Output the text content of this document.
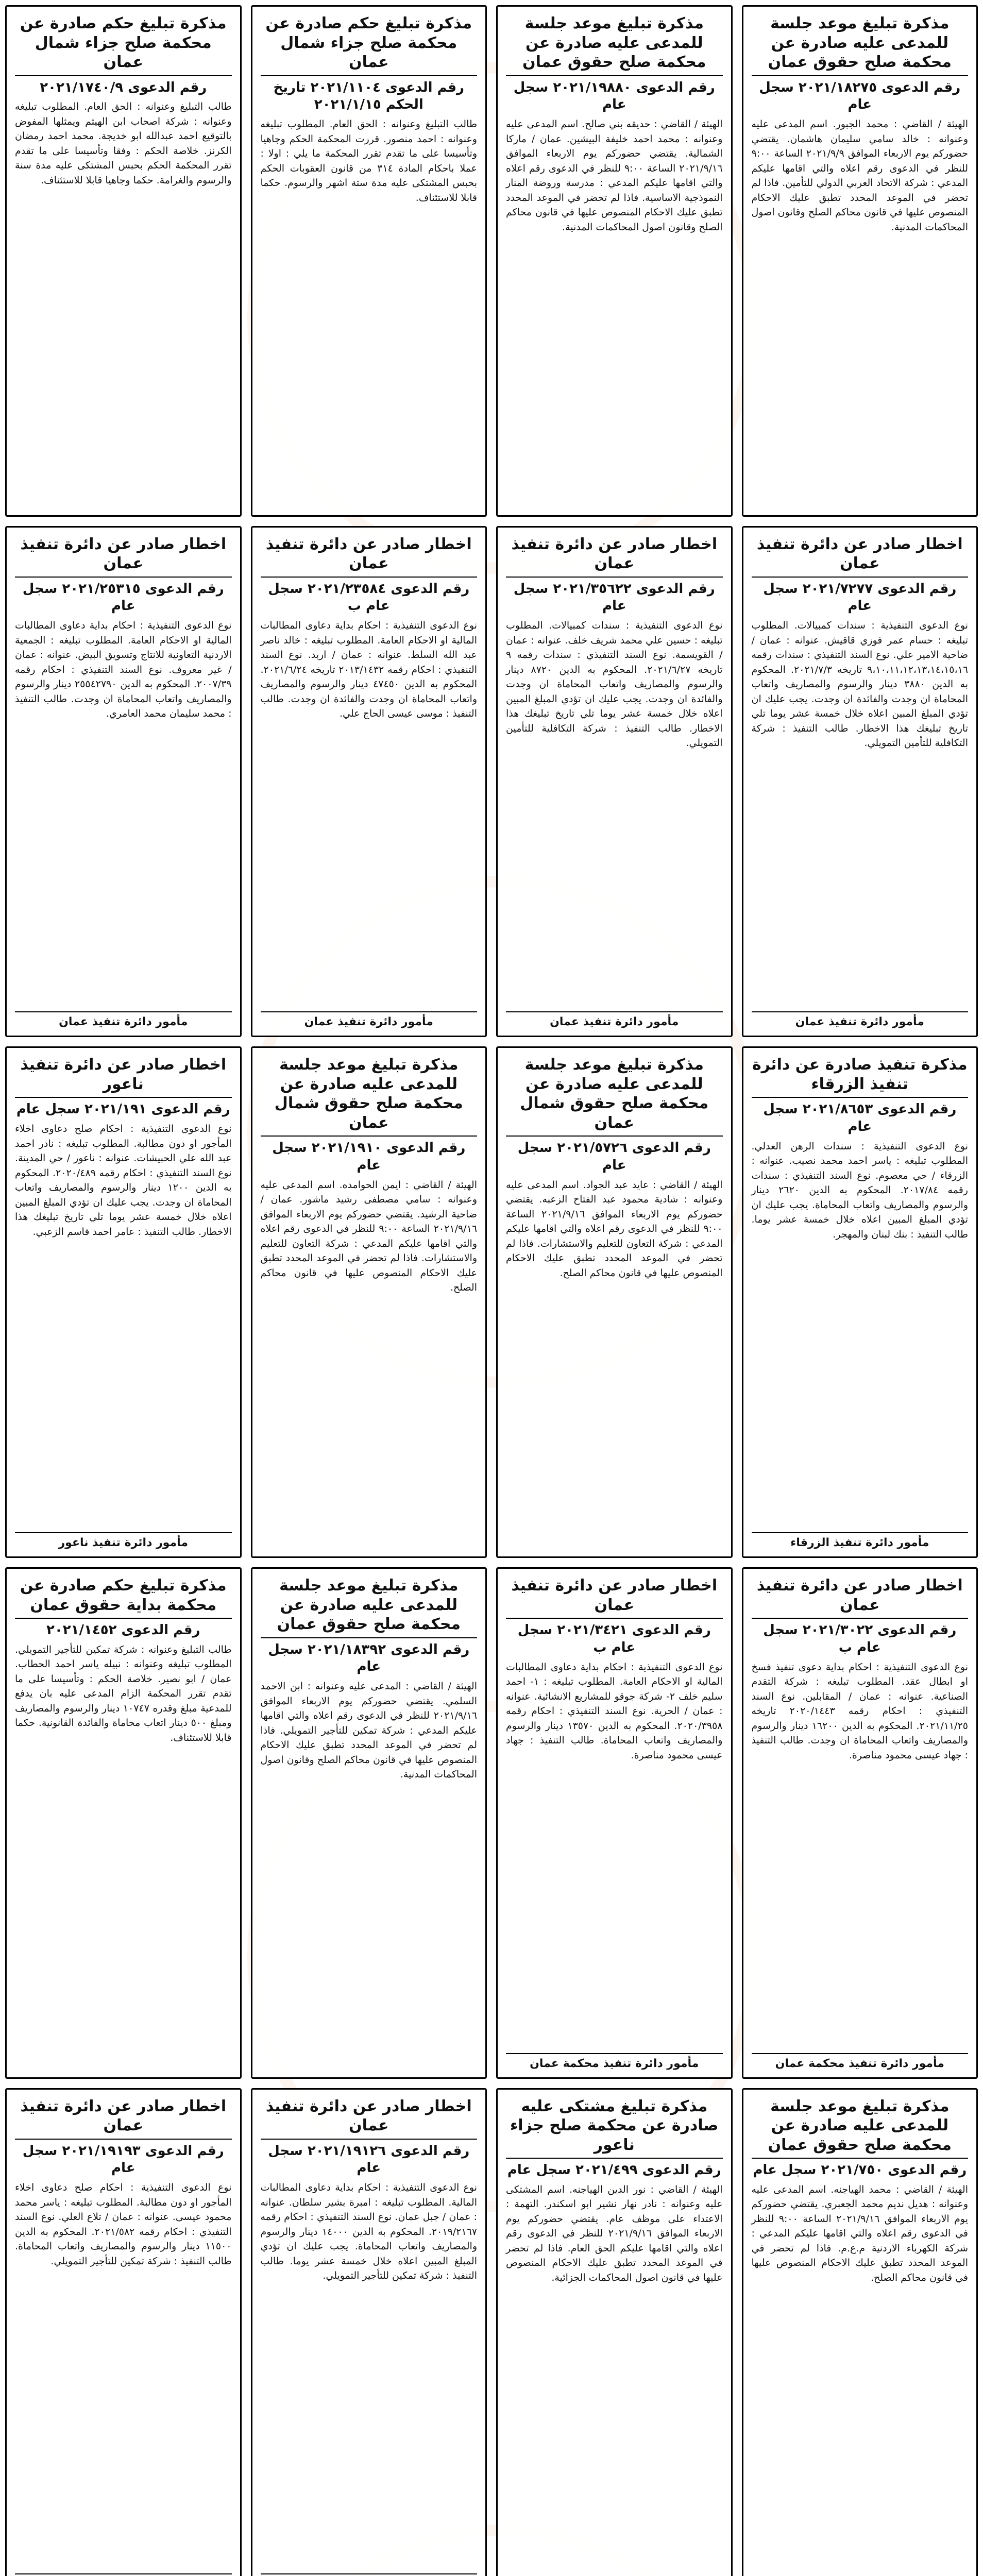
مذكرة تبليغ موعد جلسة للمدعى عليه صادرة عن محكمة صلح حقوق عمان
رقم الدعوى ٢٠٢١/١٨٢٧٥ سجل عام
الهيئة / القاضي : محمد الجبور. اسم المدعى عليه وعنوانه : خالد سامي سليمان هاشمان. يقتضي حضوركم يوم الاربعاء الموافق ٢٠٢١/٩/٩ الساعة ٩:٠٠ للنظر في الدعوى رقم اعلاه والتي اقامها عليكم المدعي : شركة الاتحاد العربي الدولي للتأمين. فاذا لم تحضر في الموعد المحدد تطبق عليك الاحكام المنصوص عليها في قانون محاكم الصلح وقانون اصول المحاكمات المدنية.
مذكرة تبليغ موعد جلسة للمدعى عليه صادرة عن محكمة صلح حقوق عمان
رقم الدعوى ٢٠٢١/١٩٨٨٠ سجل عام
الهيئة / القاضي : حديقه بني صالح. اسم المدعى عليه وعنوانه : محمد احمد خليفة البيشين. عمان / ماركا الشمالية. يقتضي حضوركم يوم الاربعاء الموافق ٢٠٢١/٩/١٦ الساعة ٩:٠٠ للنظر في الدعوى رقم اعلاه والتي اقامها عليكم المدعي : مدرسة وروضة المنار النموذجية الاساسية. فاذا لم تحضر في الموعد المحدد تطبق عليك الاحكام المنصوص عليها في قانون محاكم الصلح وقانون اصول المحاكمات المدنية.
مذكرة تبليغ حكم صادرة عن محكمة صلح جزاء شمال عمان
رقم الدعوى ٢٠٢١/١١٠٤ تاريخ الحكم ٢٠٢١/١/١٥
طالب التبليغ وعنوانه : الحق العام. المطلوب تبليغه وعنوانه : احمد منصور. قررت المحكمة الحكم وجاهيا وتأسيسا على ما تقدم تقرر المحكمة ما يلي : اولا : عملا باحكام المادة ٣١٤ من قانون العقوبات الحكم بحبس المشتكى عليه مدة ستة اشهر والرسوم. حكما قابلا للاستئناف.
مذكرة تبليغ حكم صادرة عن محكمة صلح جزاء شمال عمان
رقم الدعوى ٢٠٢١/١٧٤٠/٩
طالب التبليغ وعنوانه : الحق العام. المطلوب تبليغه وعنوانه : شركة اصحاب ابن الهيثم ويمثلها المفوض بالتوقيع احمد عبدالله ابو خديجة. محمد احمد رمضان الكرنز. خلاصة الحكم : وفقا وتأسيسا على ما تقدم تقرر المحكمة الحكم بحبس المشتكى عليه مدة سنة والرسوم والغرامة. حكما وجاهيا قابلا للاستئناف.
اخطار صادر عن دائرة تنفيذ عمان
رقم الدعوى ٢٠٢١/٧٢٧٧ سجل عام
نوع الدعوى التنفيذية : سندات كمبيالات. المطلوب تبليغه : حسام عمر فوزي قاقيش. عنوانه : عمان / ضاحية الامير علي. نوع السند التنفيذي : سندات رقمه ٩،١٠،١١،١٢،١٣،١٤،١٥،١٦ تاريخه ٢٠٢١/٧/٣. المحكوم به الدين ٣٨٨٠ دينار والرسوم والمصاريف واتعاب المحاماة ان وجدت والفائدة ان وجدت. يجب عليك ان تؤدي المبلغ المبين اعلاه خلال خمسة عشر يوما تلي تاريخ تبليغك هذا الاخطار. طالب التنفيذ : شركة التكافلية للتأمين التمويلي.
مأمور دائرة تنفيذ عمان
اخطار صادر عن دائرة تنفيذ عمان
رقم الدعوى ٢٠٢١/٣٥٦٢٢ سجل عام
نوع الدعوى التنفيذية : سندات كمبيالات. المطلوب تبليغه : حسين علي محمد شريف خلف. عنوانه : عمان / القويسمة. نوع السند التنفيذي : سندات رقمه ٩ تاريخه ٢٠٢١/٦/٢٧. المحكوم به الدين ٨٧٢٠ دينار والرسوم والمصاريف واتعاب المحاماة ان وجدت والفائدة ان وجدت. يجب عليك ان تؤدي المبلغ المبين اعلاه خلال خمسة عشر يوما تلي تاريخ تبليغك هذا الاخطار. طالب التنفيذ : شركة التكافلية للتأمين التمويلي.
مأمور دائرة تنفيذ عمان
اخطار صادر عن دائرة تنفيذ عمان
رقم الدعوى ٢٠٢١/٢٣٥٨٤ سجل عام ب
نوع الدعوى التنفيذية : احكام بداية دعاوى المطالبات المالية او الاحكام العامة. المطلوب تبليغه : خالد ناصر عبد الله السلط. عنوانه : عمان / اربد. نوع السند التنفيذي : احكام رقمه ٢٠١٣/١٤٣٢ تاريخه ٢٠٢١/٦/٢٤. المحكوم به الدين ٤٧٤٥٠ دينار والرسوم والمصاريف واتعاب المحاماة ان وجدت والفائدة ان وجدت. طالب التنفيذ : موسى عيسى الحاج علي.
مأمور دائرة تنفيذ عمان
اخطار صادر عن دائرة تنفيذ عمان
رقم الدعوى ٢٠٢١/٢٥٣١٥ سجل عام
نوع الدعوى التنفيذية : احكام بداية دعاوى المطالبات المالية او الاحكام العامة. المطلوب تبليغه : الجمعية الاردنية التعاونية للانتاج وتسويق البيض. عنوانه : عمان / غير معروف. نوع السند التنفيذي : احكام رقمه ٢٠٠٧/٣٩. المحكوم به الدين ٢٥٥٤٢٧٩٠ دينار والرسوم والمصاريف واتعاب المحاماة ان وجدت. طالب التنفيذ : محمد سليمان محمد العامري.
مأمور دائرة تنفيذ عمان
مذكرة تنفيذ صادرة عن دائرة تنفيذ الزرقاء
رقم الدعوى ٢٠٢١/٨٦٥٣ سجل عام
نوع الدعوى التنفيذية : سندات الرهن العدلي. المطلوب تبليغه : ياسر احمد محمد نصيب. عنوانه : الزرقاء / حي معصوم. نوع السند التنفيذي : سندات رقمه ٢٠١٧/٨٤. المحكوم به الدين ٢٦٢٠ دينار والرسوم والمصاريف واتعاب المحاماة. يجب عليك ان تؤدي المبلغ المبين اعلاه خلال خمسة عشر يوما. طالب التنفيذ : بنك لبنان والمهجر.
مأمور دائرة تنفيذ الزرقاء
مذكرة تبليغ موعد جلسة للمدعى عليه صادرة عن محكمة صلح حقوق شمال عمان
رقم الدعوى ٢٠٢١/٥٧٢٦ سجل عام
الهيئة / القاضي : عايد عبد الجواد. اسم المدعى عليه وعنوانه : شادية محمود عبد الفتاح الزعبه. يقتضي حضوركم يوم الاربعاء الموافق ٢٠٢١/٩/١٦ الساعة ٩:٠٠ للنظر في الدعوى رقم اعلاه والتي اقامها عليكم المدعي : شركة التعاون للتعليم والاستشارات. فاذا لم تحضر في الموعد المحدد تطبق عليك الاحكام المنصوص عليها في قانون محاكم الصلح.
مذكرة تبليغ موعد جلسة للمدعى عليه صادرة عن محكمة صلح حقوق شمال عمان
رقم الدعوى ٢٠٢١/١٩١٠ سجل عام
الهيئة / القاضي : ايمن الحوامده. اسم المدعى عليه وعنوانه : سامي مصطفى رشيد ماشور. عمان / ضاحية الرشيد. يقتضي حضوركم يوم الاربعاء الموافق ٢٠٢١/٩/١٦ الساعة ٩:٠٠ للنظر في الدعوى رقم اعلاه والتي اقامها عليكم المدعي : شركة التعاون للتعليم والاستشارات. فاذا لم تحضر في الموعد المحدد تطبق عليك الاحكام المنصوص عليها في قانون محاكم الصلح.
اخطار صادر عن دائرة تنفيذ ناعور
رقم الدعوى ٢٠٢١/١٩١ سجل عام
نوع الدعوى التنفيذية : احكام صلح دعاوى اخلاء المأجور او دون مطالبة. المطلوب تبليغه : نادر احمد عبد الله علي الحبيشات. عنوانه : ناعور / حي المدينة. نوع السند التنفيذي : احكام رقمه ٢٠٢٠/٤٨٩. المحكوم به الدين ١٢٠٠ دينار والرسوم والمصاريف واتعاب المحاماة ان وجدت. يجب عليك ان تؤدي المبلغ المبين اعلاه خلال خمسة عشر يوما تلي تاريخ تبليغك هذا الاخطار. طالب التنفيذ : عامر احمد قاسم الزعبي.
مأمور دائرة تنفيذ ناعور
اخطار صادر عن دائرة تنفيذ عمان
رقم الدعوى ٢٠٢١/٣٠٢٢ سجل عام ب
نوع الدعوى التنفيذية : احكام بداية دعوى تنفيذ فسخ او ابطال عقد. المطلوب تبليغه : شركة التقدم الصناعية. عنوانه : عمان / المقابلين. نوع السند التنفيذي : احكام رقمه ٢٠٢٠/١٤٤٣ تاريخه ٢٠٢١/١١/٢٥. المحكوم به الدين ١٦٢٠٠ دينار والرسوم والمصاريف واتعاب المحاماة ان وجدت. طالب التنفيذ : جهاد عيسى محمود مناصرة.
مأمور دائرة تنفيذ محكمة عمان
اخطار صادر عن دائرة تنفيذ عمان
رقم الدعوى ٢٠٢١/٣٤٢١ سجل عام ب
نوع الدعوى التنفيذية : احكام بداية دعاوى المطالبات المالية او الاحكام العامة. المطلوب تبليغه : ١- احمد سليم خلف ٢- شركة جوقو للمشاريع الانشائية. عنوانه : عمان / الحرية. نوع السند التنفيذي : احكام رقمه ٢٠٢٠/٣٩٥٨. المحكوم به الدين ١٣٥٧٠ دينار والرسوم والمصاريف واتعاب المحاماة. طالب التنفيذ : جهاد عيسى محمود مناصرة.
مأمور دائرة تنفيذ محكمة عمان
مذكرة تبليغ موعد جلسة للمدعى عليه صادرة عن محكمة صلح حقوق عمان
رقم الدعوى ٢٠٢١/١٨٣٩٢ سجل عام
الهيئة / القاضي : المدعى عليه وعنوانه : ابن الاحمد السلمي. يقتضي حضوركم يوم الاربعاء الموافق ٢٠٢١/٩/١٦ للنظر في الدعوى رقم اعلاه والتي اقامها عليكم المدعي : شركة تمكين للتأجير التمويلي. فاذا لم تحضر في الموعد المحدد تطبق عليك الاحكام المنصوص عليها في قانون محاكم الصلح وقانون اصول المحاكمات المدنية.
مذكرة تبليغ حكم صادرة عن محكمة بداية حقوق عمان
رقم الدعوى ٢٠٢١/١٤٥٢
طالب التبليغ وعنوانه : شركة تمكين للتأجير التمويلي. المطلوب تبليغه وعنوانه : نبيله ياسر احمد الحطاب. عمان / ابو نصير. خلاصة الحكم : وتأسيسا على ما تقدم تقرر المحكمة الزام المدعى عليه بان يدفع للمدعية مبلغ وقدره ١٠٧٤٧ دينار والرسوم والمصاريف ومبلغ ٥٠٠ دينار اتعاب محاماة والفائدة القانونية. حكما قابلا للاستئناف.
مذكرة تبليغ موعد جلسة للمدعى عليه صادرة عن محكمة صلح حقوق عمان
رقم الدعوى ٢٠٢١/٧٥٠ سجل عام
الهيئة / القاضي : محمد الهياجنه. اسم المدعى عليه وعنوانه : هديل نديم محمد الجعبري. يقتضي حضوركم يوم الاربعاء الموافق ٢٠٢١/٩/١٦ الساعة ٩:٠٠ للنظر في الدعوى رقم اعلاه والتي اقامها عليكم المدعي : شركة الكهرباء الاردنية م.ع.م. فاذا لم تحضر في الموعد المحدد تطبق عليك الاحكام المنصوص عليها في قانون محاكم الصلح.
مذكرة تبليغ مشتكى عليه صادرة عن محكمة صلح جزاء ناعور
رقم الدعوى ٢٠٢١/٤٩٩ سجل عام
الهيئة / القاضي : نور الدين الهياجنه. اسم المشتكى عليه وعنوانه : نادر نهار نشير ابو اسكندر. التهمة : الاعتداء على موظف عام. يقتضي حضوركم يوم الاربعاء الموافق ٢٠٢١/٩/١٦ للنظر في الدعوى رقم اعلاه والتي اقامها عليكم الحق العام. فاذا لم تحضر في الموعد المحدد تطبق عليك الاحكام المنصوص عليها في قانون اصول المحاكمات الجزائية.
اخطار صادر عن دائرة تنفيذ عمان
رقم الدعوى ٢٠٢١/١٩١٢٦ سجل عام
نوع الدعوى التنفيذية : احكام بداية دعاوى المطالبات المالية. المطلوب تبليغه : امبرة بشير سلطان. عنوانه : عمان / جبل عمان. نوع السند التنفيذي : احكام رقمه ٢٠١٩/٢١٦٧. المحكوم به الدين ١٤٠٠٠ دينار والرسوم والمصاريف واتعاب المحاماة. يجب عليك ان تؤدي المبلغ المبين اعلاه خلال خمسة عشر يوما. طالب التنفيذ : شركة تمكين للتأجير التمويلي.
اخطار صادر عن دائرة تنفيذ عمان
رقم الدعوى ٢٠٢١/١٩١٩٣ سجل عام
نوع الدعوى التنفيذية : احكام صلح دعاوى اخلاء المأجور او دون مطالبة. المطلوب تبليغه : ياسر محمد محمود عيسى. عنوانه : عمان / تلاع العلي. نوع السند التنفيذي : احكام رقمه ٢٠٢١/٥٨٢. المحكوم به الدين ١١٥٠٠ دينار والرسوم والمصاريف واتعاب المحاماة. طالب التنفيذ : شركة تمكين للتأجير التمويلي.
